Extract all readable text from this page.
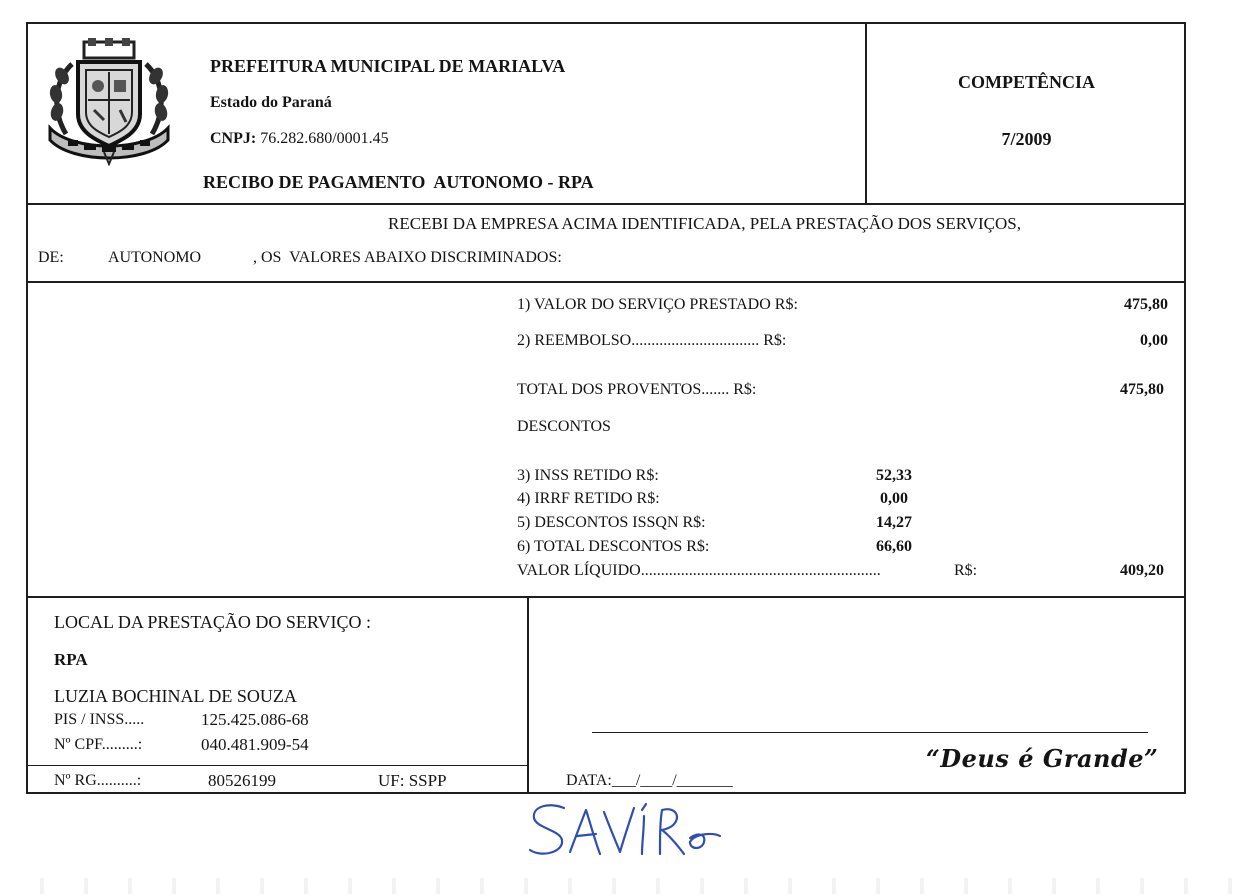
PREFEITURA MUNICIPAL DE MARIALVA
Estado do Paraná
CNPJ: 76.282.680/0001.45
RECIBO DE PAGAMENTO  AUTONOMO - RPA
COMPETÊNCIA
7/2009
RECEBI DA EMPRESA ACIMA IDENTIFICADA, PELA PRESTAÇÃO DOS SERVIÇOS,
DE:	AUTONOMO	, OS  VALORES ABAIXO DISCRIMINADOS:
1) VALOR DO SERVIÇO PRESTADO R$:	475,80
2) REEMBOLSO................................ R$:	0,00
TOTAL DOS PROVENTOS....... R$:	475,80
DESCONTOS
3) INSS RETIDO R$:	52,33
4) IRRF RETIDO R$:	0,00
5) DESCONTOS ISSQN R$:	14,27
6) TOTAL DESCONTOS R$:	66,60
VALOR LÍQUIDO............................................................	R$:	409,20
LOCAL DA PRESTAÇÃO DO SERVIÇO :
RPA
LUZIA BOCHINAL DE SOUZA
PIS / INSS.....	125.425.086-68
Nº CPF.........:	040.481.909-54
Nº RG..........:	80526199	UF: SSPP	DATA:___/____/_______
“Deus é Grande”
